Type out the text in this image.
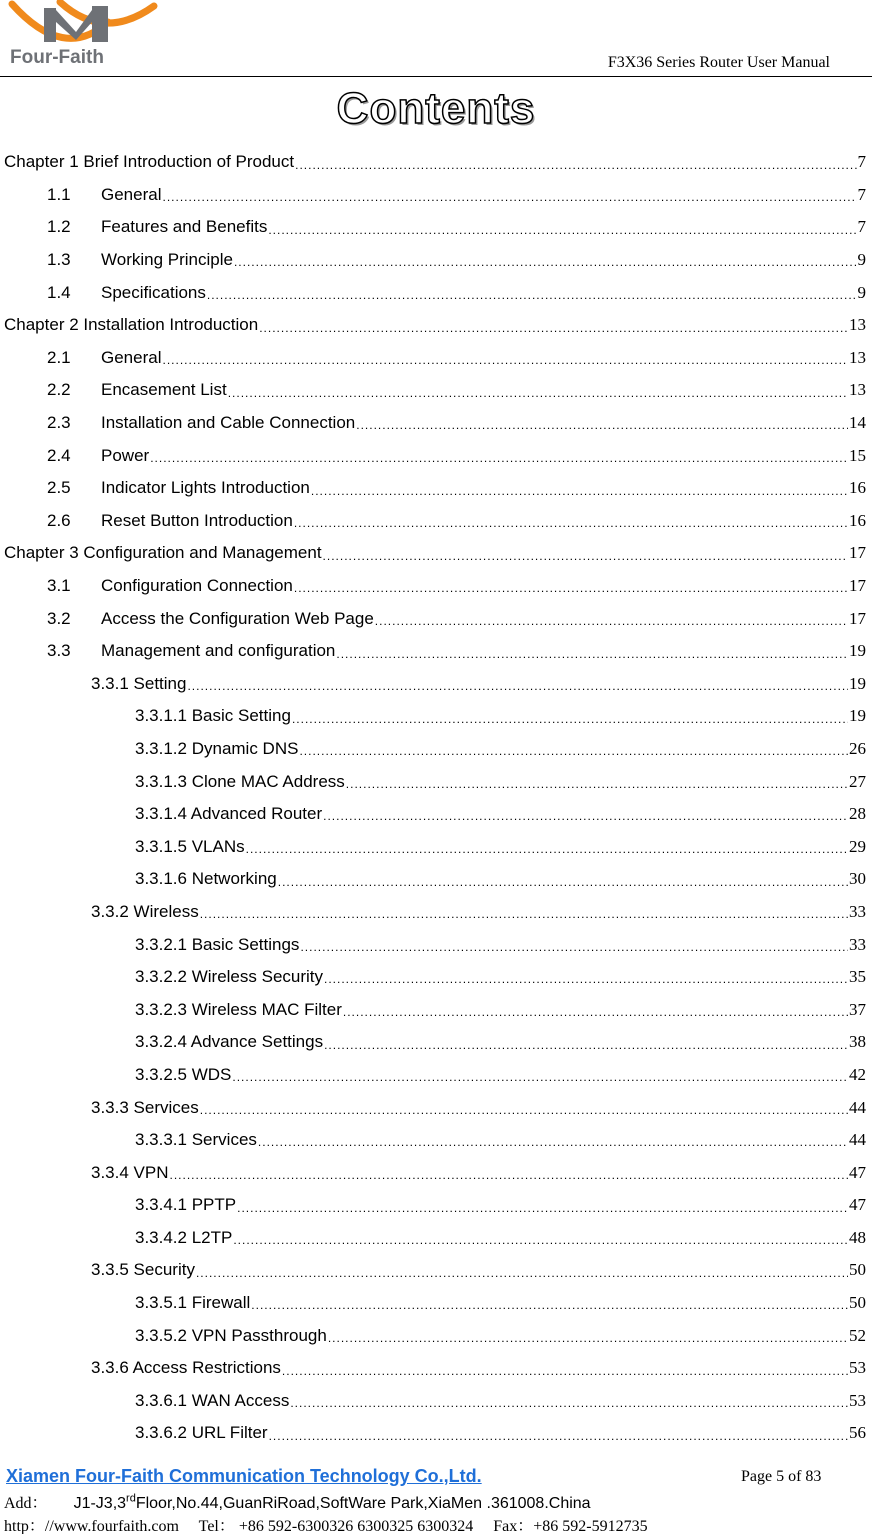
Four-Faith	F3X36 Series Router User Manual
Contents
Chapter 1 Brief Introduction of Product .....	7
1.1	General .....	7
1.2	Features and Benefits .....	7
1.3	Working Principle .....	9
1.4	Specifications .....	9
Chapter 2 Installation Introduction .....	13
2.1	General .....	13
2.2	Encasement List .....	13
2.3	Installation and Cable Connection .....	14
2.4	Power .....	15
2.5	Indicator Lights Introduction .....	16
2.6	Reset Button Introduction .....	16
Chapter 3 Configuration and Management .....	17
3.1	Configuration Connection .....	17
3.2	Access the Configuration Web Page .....	17
3.3	Management and configuration .....	19
3.3.1 Setting .....	19
3.3.1.1 Basic Setting .....	19
3.3.1.2 Dynamic DNS .....	26
3.3.1.3 Clone MAC Address .....	27
3.3.1.4 Advanced Router .....	28
3.3.1.5 VLANs .....	29
3.3.1.6 Networking .....	30
3.3.2 Wireless .....	33
3.3.2.1 Basic Settings .....	33
3.3.2.2 Wireless Security .....	35
3.3.2.3 Wireless MAC Filter .....	37
3.3.2.4 Advance Settings .....	38
3.3.2.5 WDS .....	42
3.3.3 Services .....	44
3.3.3.1 Services .....	44
3.3.4 VPN .....	47
3.3.4.1 PPTP .....	47
3.3.4.2 L2TP .....	48
3.3.5 Security .....	50
3.3.5.1 Firewall .....	50
3.3.5.2 VPN Passthrough .....	52
3.3.6 Access Restrictions .....	53
3.3.6.1 WAN Access .....	53
3.3.6.2 URL Filter .....	56
Xiamen Four-Faith Communication Technology Co.,Ltd.	Page 5 of 83
Add： J1-J3,3rdFloor,No.44,GuanRiRoad,SoftWare Park,XiaMen .361008.China
http：//www.fourfaith.com Tel： +86 592-6300326 6300325 6300324 Fax：+86 592-5912735
